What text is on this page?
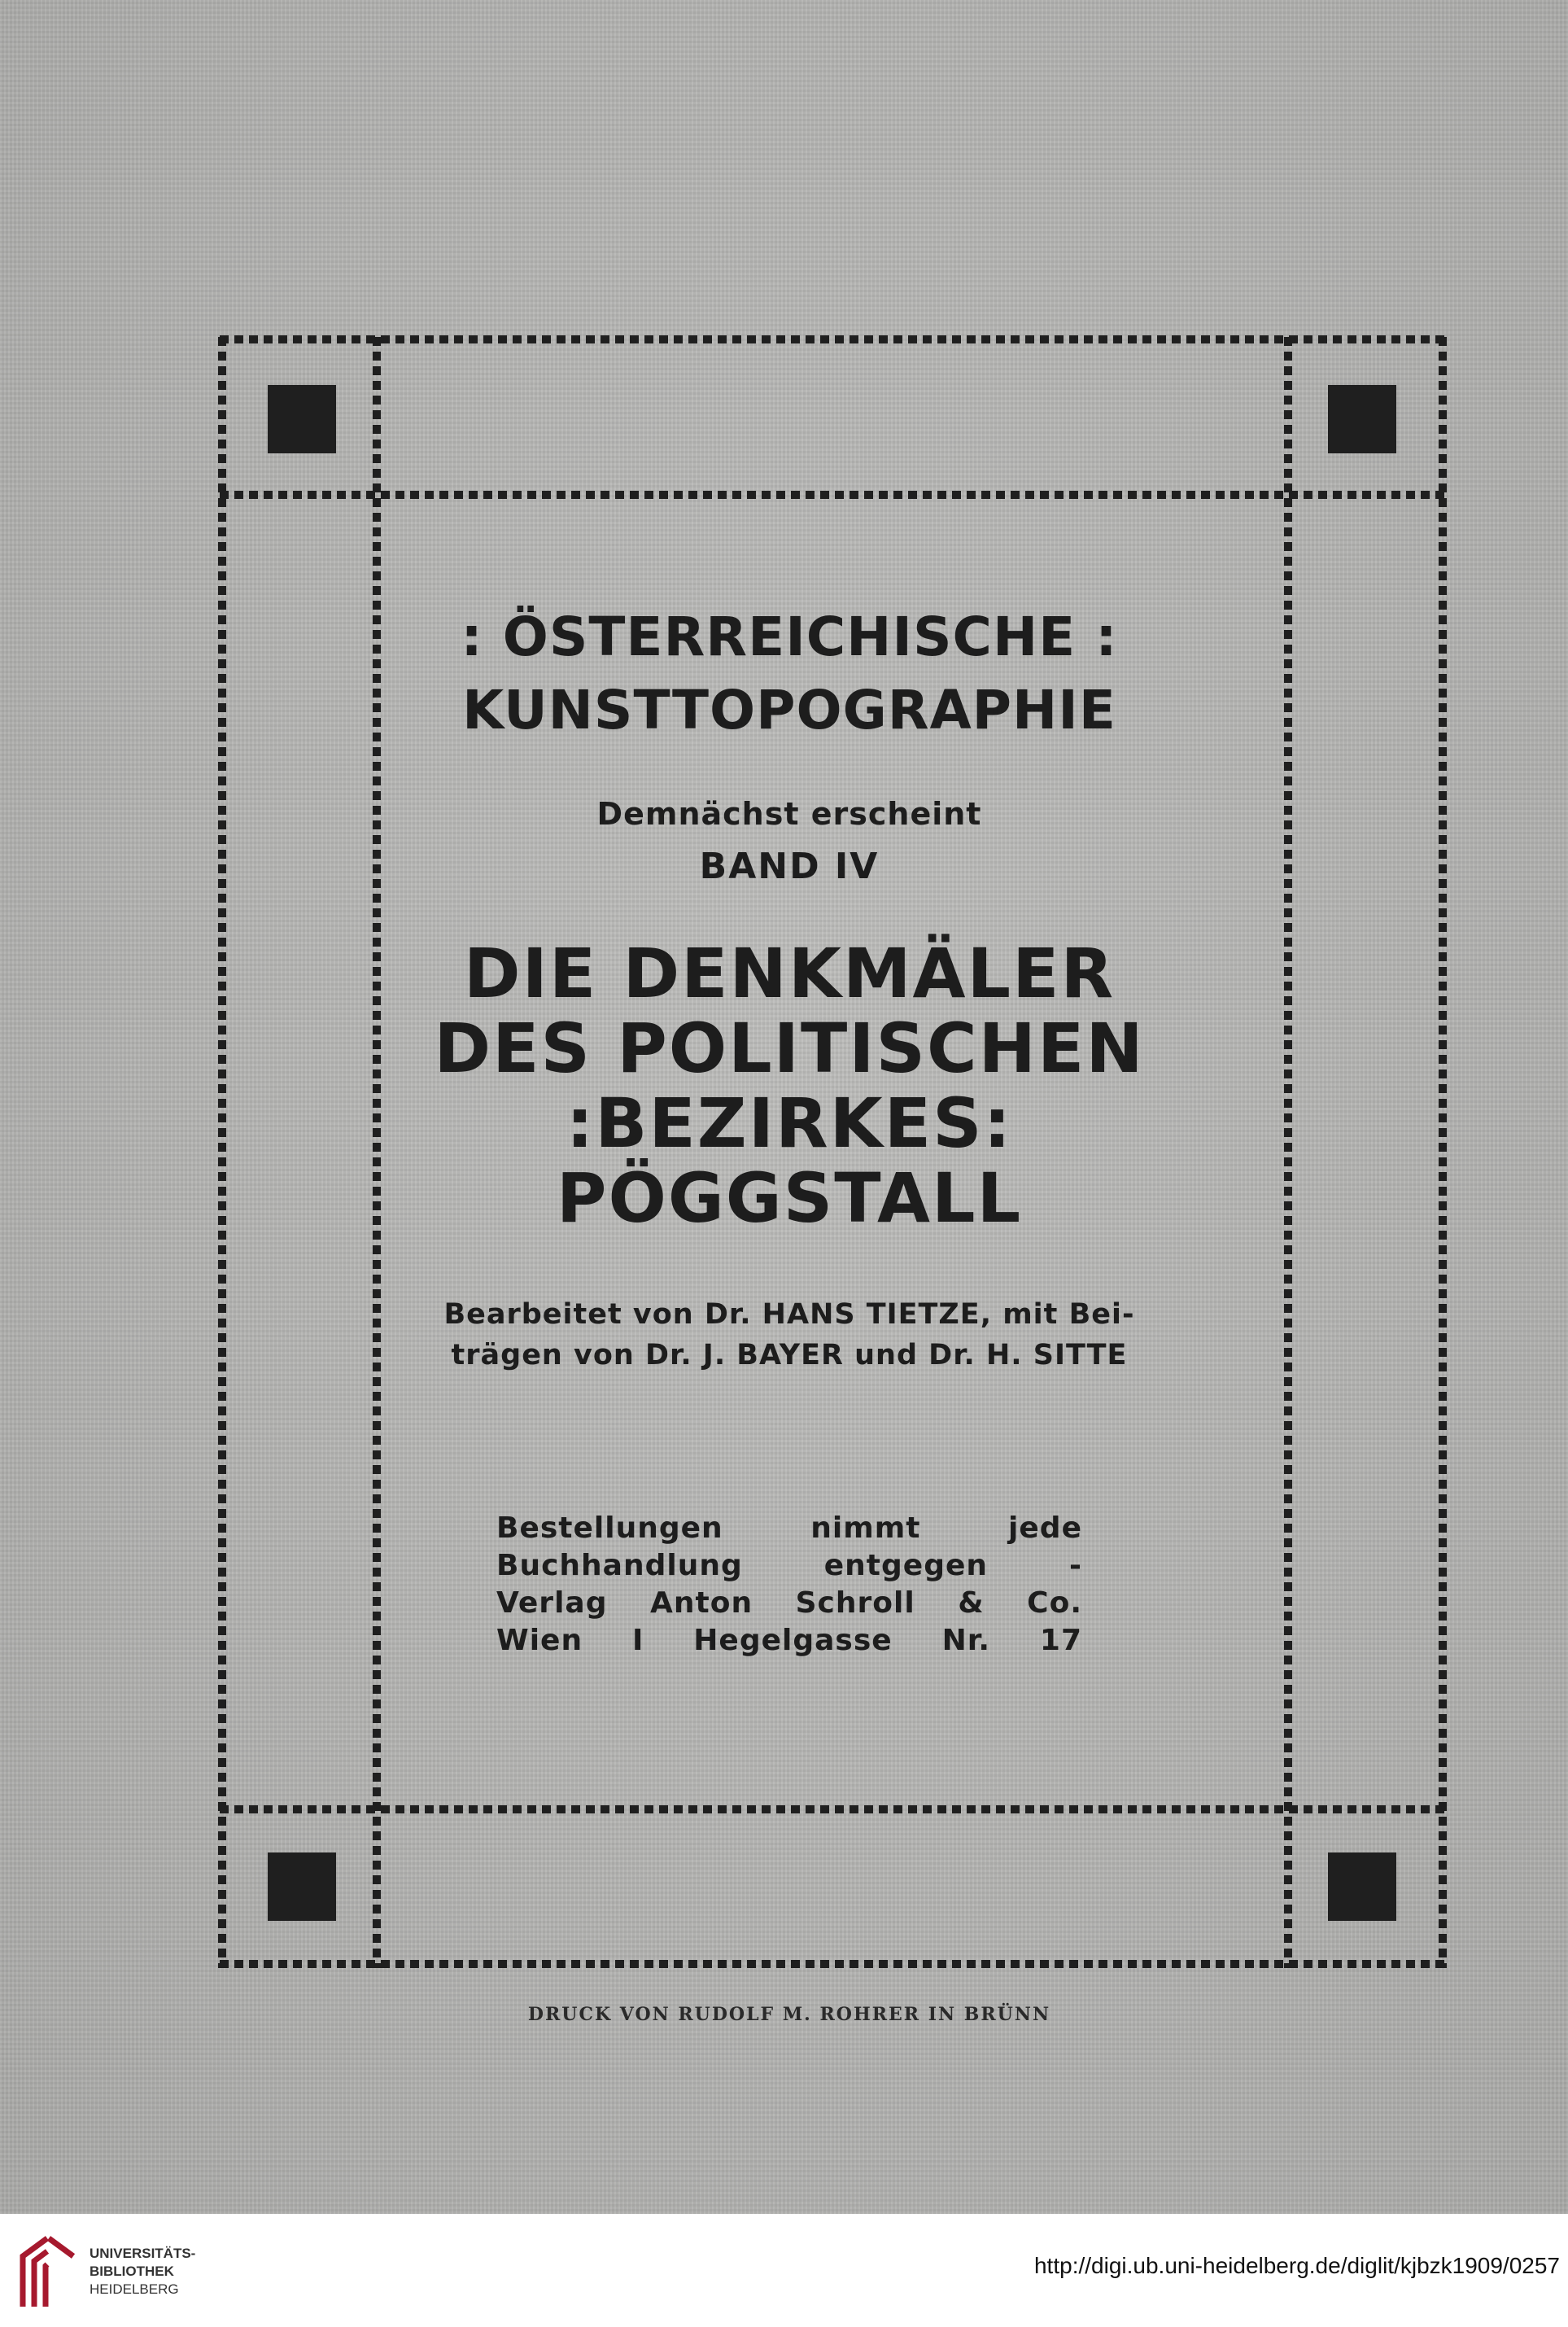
: ÖSTERREICHISCHE :
KUNSTTOPOGRAPHIE
Demnächst erscheint
BAND IV
DIE DENKMÄLER
DES POLITISCHEN
:BEZIRKES:
PÖGGSTALL
Bearbeitet von Dr. HANS TIETZE, mit Bei-
trägen von Dr. J. BAYER und Dr. H. SITTE
Bestellungen nimmt jede
Buchhandlung entgegen -
Verlag Anton Schroll & Co.
Wien I Hegelgasse Nr. 17
DRUCK VON RUDOLF M. ROHRER IN BRÜNN
UNIVERSITÄTS-
BIBLIOTHEK
HEIDELBERG
http://digi.ub.uni-heidelberg.de/diglit/kjbzk1909/0257
